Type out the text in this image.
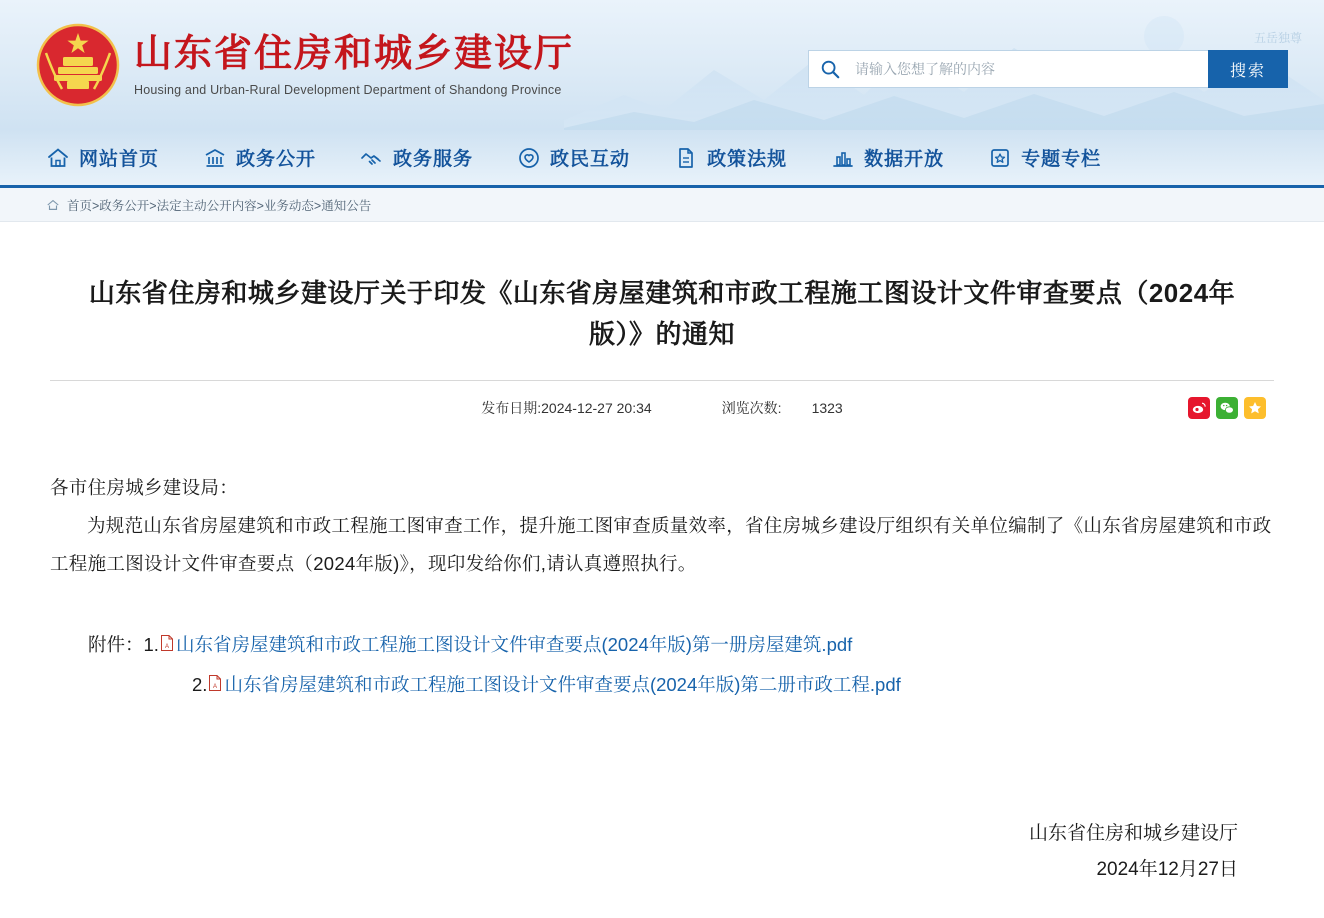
五岳独尊
山东省住房和城乡建设厅
Housing and Urban-Rural Development Department of Shandong Province
请输入您想了解的内容
搜索
网站首页	政务公开	政务服务	政民互动	政策法规	数据开放	专题专栏
首页>政务公开>法定主动公开内容>业务动态>通知公告
山东省住房和城乡建设厅关于印发《山东省房屋建筑和市政工程施工图设计文件审查要点（2024年版）》的通知
发布日期:2024-12-27 20:34	浏览次数: 1323
各市住房城乡建设局：
为规范山东省房屋建筑和市政工程施工图审查工作，提升施工图审查质量效率，省住房城乡建设厅组织有关单位编制了《山东省房屋建筑和市政工程施工图设计文件审查要点（2024年版)》，现印发给你们,请认真遵照执行。
附件： 1. A 山东省房屋建筑和市政工程施工图设计文件审查要点(2024年版)第一册房屋建筑.pdf
2. A 山东省房屋建筑和市政工程施工图设计文件审查要点(2024年版)第二册市政工程.pdf
山东省住房和城乡建设厅
2024年12月27日
